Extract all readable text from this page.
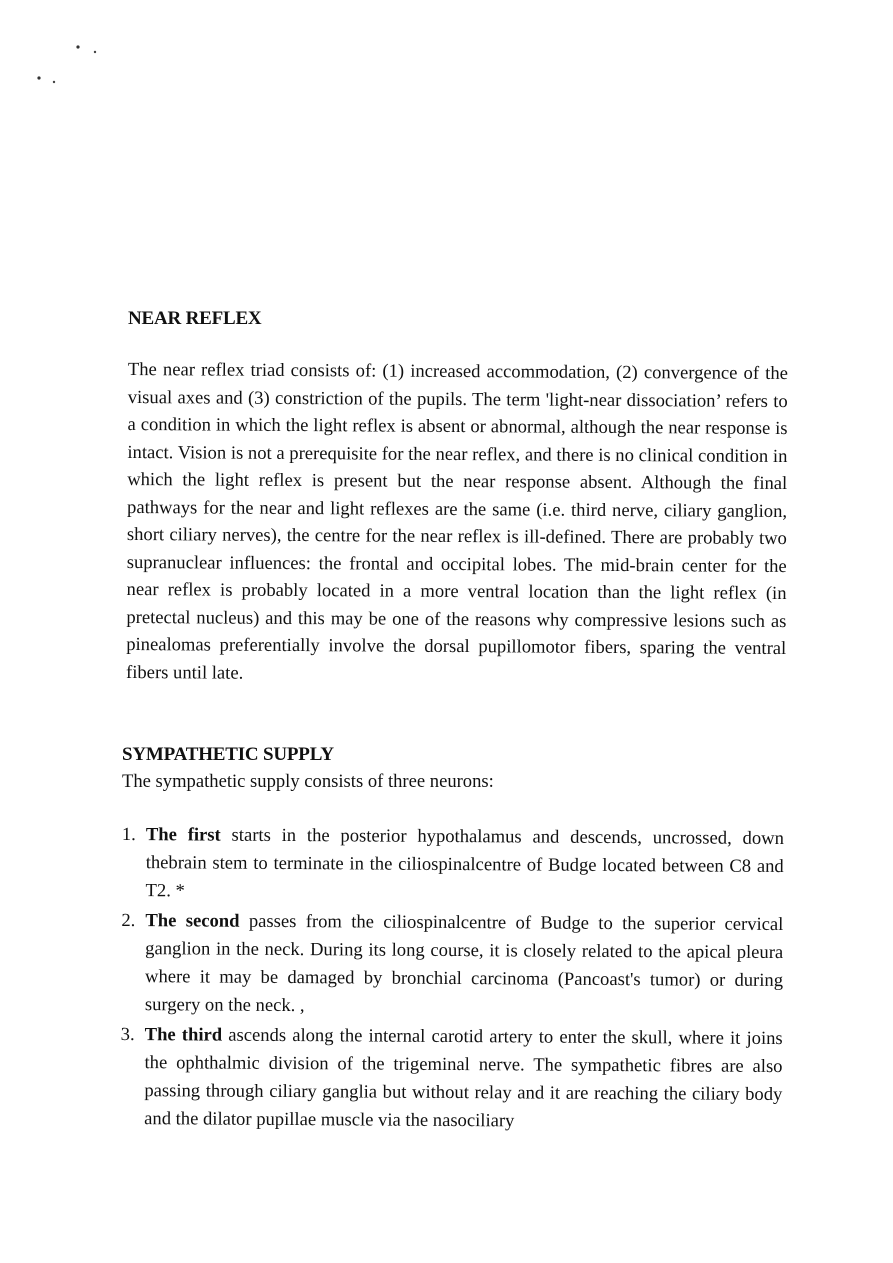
NEAR REFLEX

The near reflex triad consists of: (1) increased accommodation, (2) convergence of the visual axes and (3) constriction of the pupils. The term 'light-near dissociation’ refers to a condition in which the light reflex is absent or abnormal, although the near response is intact. Vision is not a prerequisite for the near reflex, and there is no clinical condition in which the light reflex is present but the near response absent. Although the final pathways for the near and light reflexes are the same (i.e. third nerve, ciliary ganglion, short ciliary nerves), the centre for the near reflex is ill-defined. There are probably two supranuclear influences: the frontal and occipital lobes. The mid-brain center for the near reflex is probably located in a more ventral location than the light reflex (in pretectal nucleus) and this may be one of the reasons why compressive lesions such as pinealomas preferentially involve the dorsal pupillomotor fibers, sparing the ventral fibers until late.

SYMPATHETIC SUPPLY

The sympathetic supply consists of three neurons:

1. The first starts in the posterior hypothalamus and descends, uncrossed, down thebrain stem to terminate in the ciliospinalcentre of Budge located between C8 and T2. *
2. The second passes from the ciliospinalcentre of Budge to the superior cervical ganglion in the neck. During its long course, it is closely related to the apical pleura where it may be damaged by bronchial carcinoma (Pancoast's tumor) or during surgery on the neck. ,
3. The third ascends along the internal carotid artery to enter the skull, where it joins the ophthalmic division of the trigeminal nerve. The sympathetic fibres are also passing through ciliary ganglia but without relay and it are reaching the ciliary body and the dilator pupillae muscle via the nasociliary
